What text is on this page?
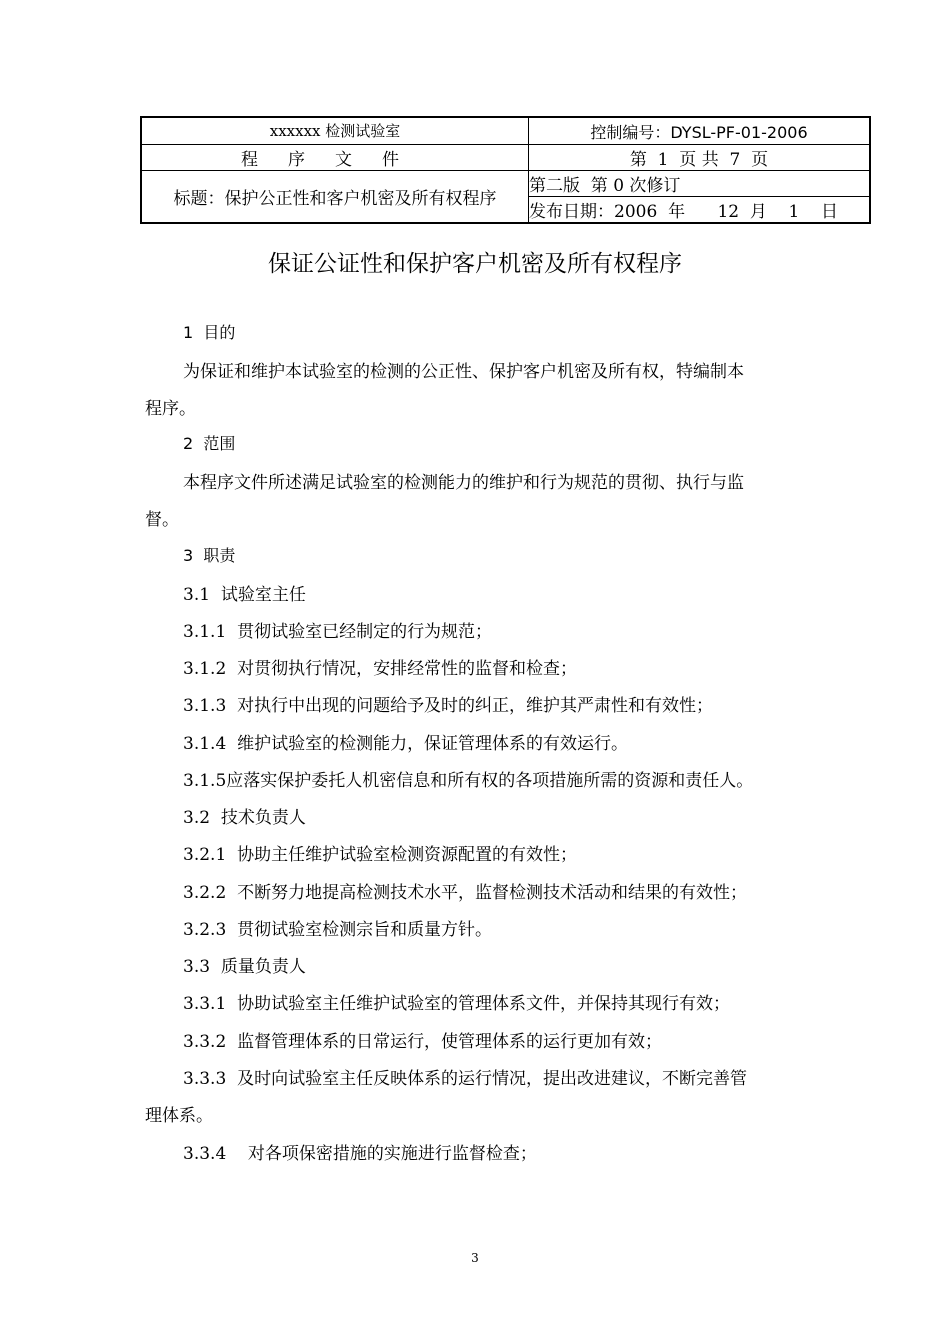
xxxxxx 检测试验室	控制编号：DYSL-PF-01-2006
程序文件	第  1  页 共  7  页
标题：保护公正性和客户机密及所有权程序	第二版  第 0 次修订
	发布日期：2006  年      12  月    1    日
保证公证性和保护客户机密及所有权程序

1  目的

为保证和维护本试验室的检测的公正性、保护客户机密及所有权，特编制本

程序。

2  范围

本程序文件所述满足试验室的检测能力的维护和行为规范的贯彻、执行与监

督。

3  职责

3.1  试验室主任

3.1.1  贯彻试验室已经制定的行为规范；

3.1.2  对贯彻执行情况，安排经常性的监督和检查；

3.1.3  对执行中出现的问题给予及时的纠正，维护其严肃性和有效性；

3.1.4  维护试验室的检测能力，保证管理体系的有效运行。

3.1.5应落实保护委托人机密信息和所有权的各项措施所需的资源和责任人。

3.2  技术负责人

3.2.1  协助主任维护试验室检测资源配置的有效性；

3.2.2  不断努力地提高检测技术水平，监督检测技术活动和结果的有效性；

3.2.3  贯彻试验室检测宗旨和质量方针。

3.3  质量负责人

3.3.1  协助试验室主任维护试验室的管理体系文件，并保持其现行有效；

3.3.2  监督管理体系的日常运行，使管理体系的运行更加有效；

3.3.3  及时向试验室主任反映体系的运行情况，提出改进建议，不断完善管

理体系。

3.3.4    对各项保密措施的实施进行监督检查；

3
